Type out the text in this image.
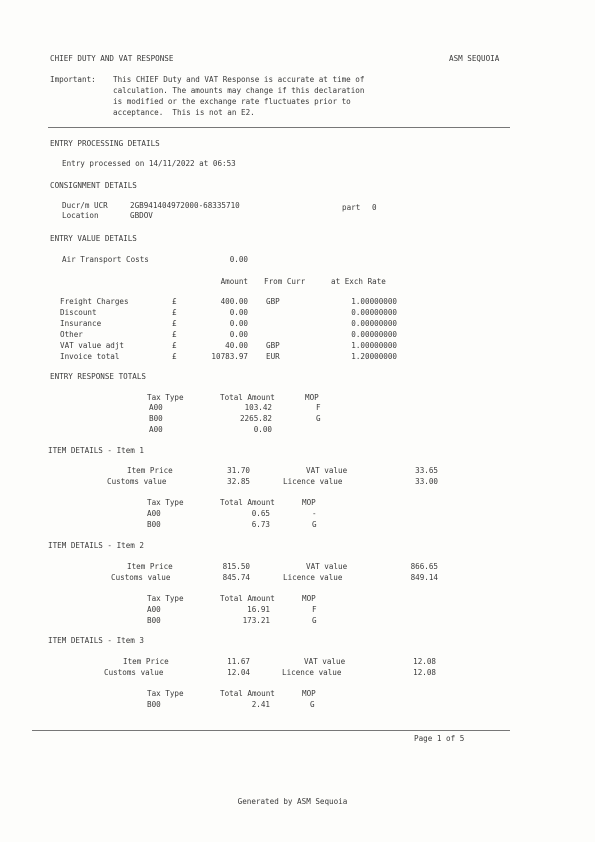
CHIEF DUTY AND VAT RESPONSE	ASM SEQUOIA
Important: This CHIEF Duty and VAT Response is accurate at time of
calculation. The amounts may change if this declaration
is modified or the exchange rate fluctuates prior to
acceptance.  This is not an E2.
ENTRY PROCESSING DETAILS
Entry processed on 14/11/2022 at 06:53
CONSIGNMENT DETAILS
Ducr/m UCR	2GB941404972000-68335710	part 0
Location	GBDOV
ENTRY VALUE DETAILS
Air Transport Costs	0.00
Amount From Curr	at Exch Rate
Freight Charges	£	400.00 GBP	1.00000000
Discount	£	0.00	0.00000000
Insurance	£	0.00	0.00000000
Other	£	0.00	0.00000000
VAT value adjt	£	40.00 GBP	1.00000000
Invoice total	£	10783.97 EUR	1.20000000
ENTRY RESPONSE TOTALS
Tax Type	Total Amount	MOP
A00	103.42	F
B00	2265.82	G
A00	0.00
ITEM DETAILS - Item 1
Item Price	31.70	VAT value	33.65
Customs value	32.85	Licence value	33.00
Tax Type	Total Amount	MOP
A00	0.65	-
B00	6.73	G
ITEM DETAILS - Item 2
Item Price	815.50	VAT value	866.65
Customs value	845.74	Licence value	849.14
Tax Type	Total Amount	MOP
A00	16.91	F
B00	173.21	G
ITEM DETAILS - Item 3
Item Price	11.67	VAT value	12.08
Customs value	12.04	Licence value	12.08
Tax Type	Total Amount	MOP
B00	2.41	G
Page 1 of 5
Generated by ASM Sequoia
